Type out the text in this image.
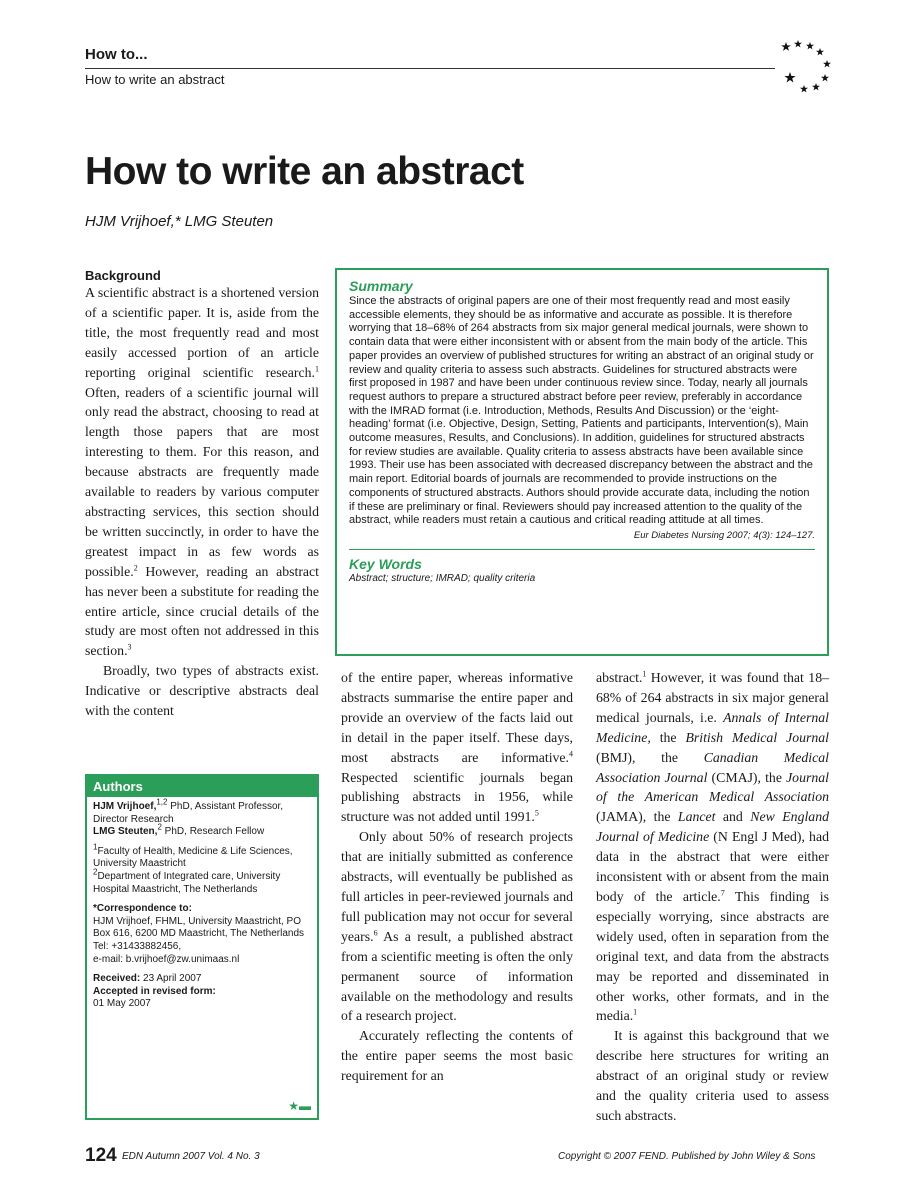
How to...
How to write an abstract
How to write an abstract
HJM Vrijhoef,* LMG Steuten
Background

A scientific abstract is a shortened version of a scientific paper. It is, aside from the title, the most frequently read and most easily accessed portion of an article reporting original scientific research.$^1$ Often, readers of a scientific journal will only read the abstract, choosing to read at length those papers that are most interesting to them. For this reason, and because abstracts are frequently made available to readers by various computer abstracting services, this section should be written succinctly, in order to have the greatest impact in as few words as possible.$^2$ However, reading an abstract has never been a substitute for reading the entire article, since crucial details of the study are most often not addressed in this section.$^3$

Broadly, two types of abstracts exist. Indicative or descriptive abstracts deal with the content

Summary

Since the abstracts of original papers are one of their most frequently read and most easily accessible elements, they should be as informative and accurate as possible. It is therefore worrying that 18–68% of 264 abstracts from six major general medical journals, were shown to contain data that were either inconsistent with or absent from the main body of the article. This paper provides an overview of published structures for writing an abstract of an original study or review and quality criteria to assess such abstracts. Guidelines for structured abstracts were first proposed in 1987 and have been under continuous review since. Today, nearly all journals request authors to prepare a structured abstract before peer review, preferably in accordance with the IMRAD format (i.e. Introduction, Methods, Results And Discussion) or the ‘eight-heading’ format (i.e. Objective, Design, Setting, Patients and participants, Intervention(s), Main outcome measures, Results, and Conclusions). In addition, guidelines for structured abstracts for review studies are available. Quality criteria to assess abstracts have been available since 1993. Their use has been associated with decreased discrepancy between the abstract and the main report. Editorial boards of journals are recommended to provide instructions on the components of structured abstracts. Authors should provide accurate data, including the notion if these are preliminary or final. Reviewers should pay increased attention to the quality of the abstract, while readers must retain a cautious and critical reading attitude at all times.

Eur Diabetes Nursing 2007; 4(3): 124–127.

Key Words

Abstract; structure; IMRAD; quality criteria

of the entire paper, whereas informative abstracts summarise the entire paper and provide an overview of the facts laid out in detail in the paper itself. These days, most abstracts are informative.$^4$ Respected scientific journals began publishing abstracts in 1956, while structure was not added until 1991.$^5$

Only about 50% of research projects that are initially submitted as conference abstracts, will eventually be published as full articles in peer-reviewed journals and full publication may not occur for several years.$^6$ As a result, a published abstract from a scientific meeting is often the only permanent source of information available on the methodology and results of a research project.

Accurately reflecting the contents of the entire paper seems the most basic requirement for an

abstract.$^1$ However, it was found that 18–68% of 264 abstracts in six major general medical journals, i.e. Annals of Internal Medicine, the British Medical Journal (BMJ), the Canadian Medical Association Journal (CMAJ), the Journal of the American Medical Association (JAMA), the Lancet and New England Journal of Medicine (N Engl J Med), had data in the abstract that were either inconsistent with or absent from the main body of the article.$^7$ This finding is especially worrying, since abstracts are widely used, often in separation from the original text, and data from the abstracts may be reported and disseminated in other works, other formats, and in the media.$^1$

It is against this background that we describe here structures for writing an abstract of an original study or review and the quality criteria used to assess such abstracts.

Authors

HJM Vrijhoef,$^{1,2}$ PhD, Assistant Professor, Director Research
LMG Steuten,$^2$ PhD, Research Fellow

$^1$Faculty of Health, Medicine & Life Sciences, University Maastricht
$^2$Department of Integrated care, University Hospital Maastricht, The Netherlands

*Correspondence to:
HJM Vrijhoef, FHML, University Maastricht, PO Box 616, 6200 MD Maastricht, The Netherlands
Tel: +31433882456,
e-mail: b.vrijhoef@zw.unimaas.nl

Received: 23 April 2007
Accepted in revised form:
01 May 2007

★▬
124 EDN Autumn 2007 Vol. 4 No. 3	Copyright © 2007 FEND. Published by John Wiley & Sons
